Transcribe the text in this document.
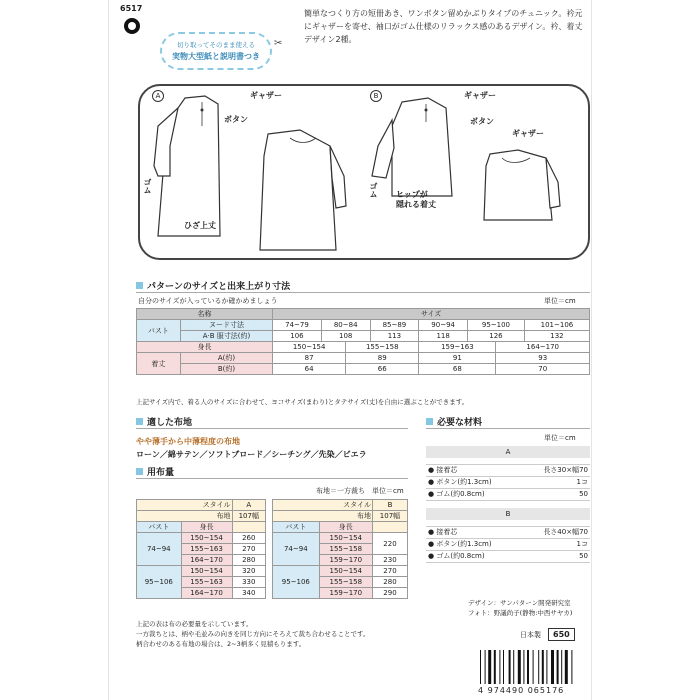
6517
切り取ってそのまま使える
実物大型紙と説明書つき
✂
簡単なつくり方の短冊あき、ワンボタン留めかぶりタイプのチュニック。衿元にギャザーを寄せ、袖口がゴム仕様のリラックス感のあるデザイン。衿、着丈デザイン2種。
A	B
ギャザー
ボタン
ゴム
ひざ上丈
ギャザー
ボタン
ギャザー
ゴム ヒップが
隠れる着丈
パターンのサイズと出来上がり寸法
自分のサイズが入っているか確かめましょう	単位＝cm
名称		サイズ							
バスト	ヌード寸法	74~79	80~84		85~89	90~94	95~100		101~106
	A·B 服寸法(約)	106	108		113	118	126		132
身長		150~154		155~158		159~163		164~170	
着丈	A(約)	87		89		91		93	
	B(約)	64		66		68		70	
上記サイズ内で、着る人のサイズに合わせて、ヨコサイズ(まわり)とタテサイズ(丈)を自由に選ぶことができます。
適した布地
やや薄手から中薄程度の布地
ローン／綿サテン／ソフトブロード／シーチング／先染／ビエラ
用布量
布地＝一方裁ち　単位＝cm
スタイル		A
布地		107幅
バスト	身長	
74~94	150~154	260
	155~163	270
	164~170	280
95~106	150~154	320
	155~163	330
	164~170	340
スタイル		B
布地		107幅
バスト	身長	
74~94	150~154	220
	155~158	
	159~170	230
95~106	150~154	270
	155~158	280
	159~170	290
上記の表は布の必要量を示しています。
一方裁ちとは、柄や毛並みの向きを同じ方向にそろえて裁ち合わせることです。
柄合わせのある布地の場合は、2~3柄多く見積もります。
必要な材料
単位＝cm
A	

● 接着芯	長さ30×幅70
● ボタン(約1.3cm)	1コ
● ゴム(約0.8cm)	50
B	

● 接着芯	長さ40×幅70
● ボタン(約1.3cm)	1コ
● ゴム(約0.8cm)	50
デザイン：サンパターン開発研究室
フォト：野議尚子(静物:中西サヤカ)
日本製	650
4 974490 065176
